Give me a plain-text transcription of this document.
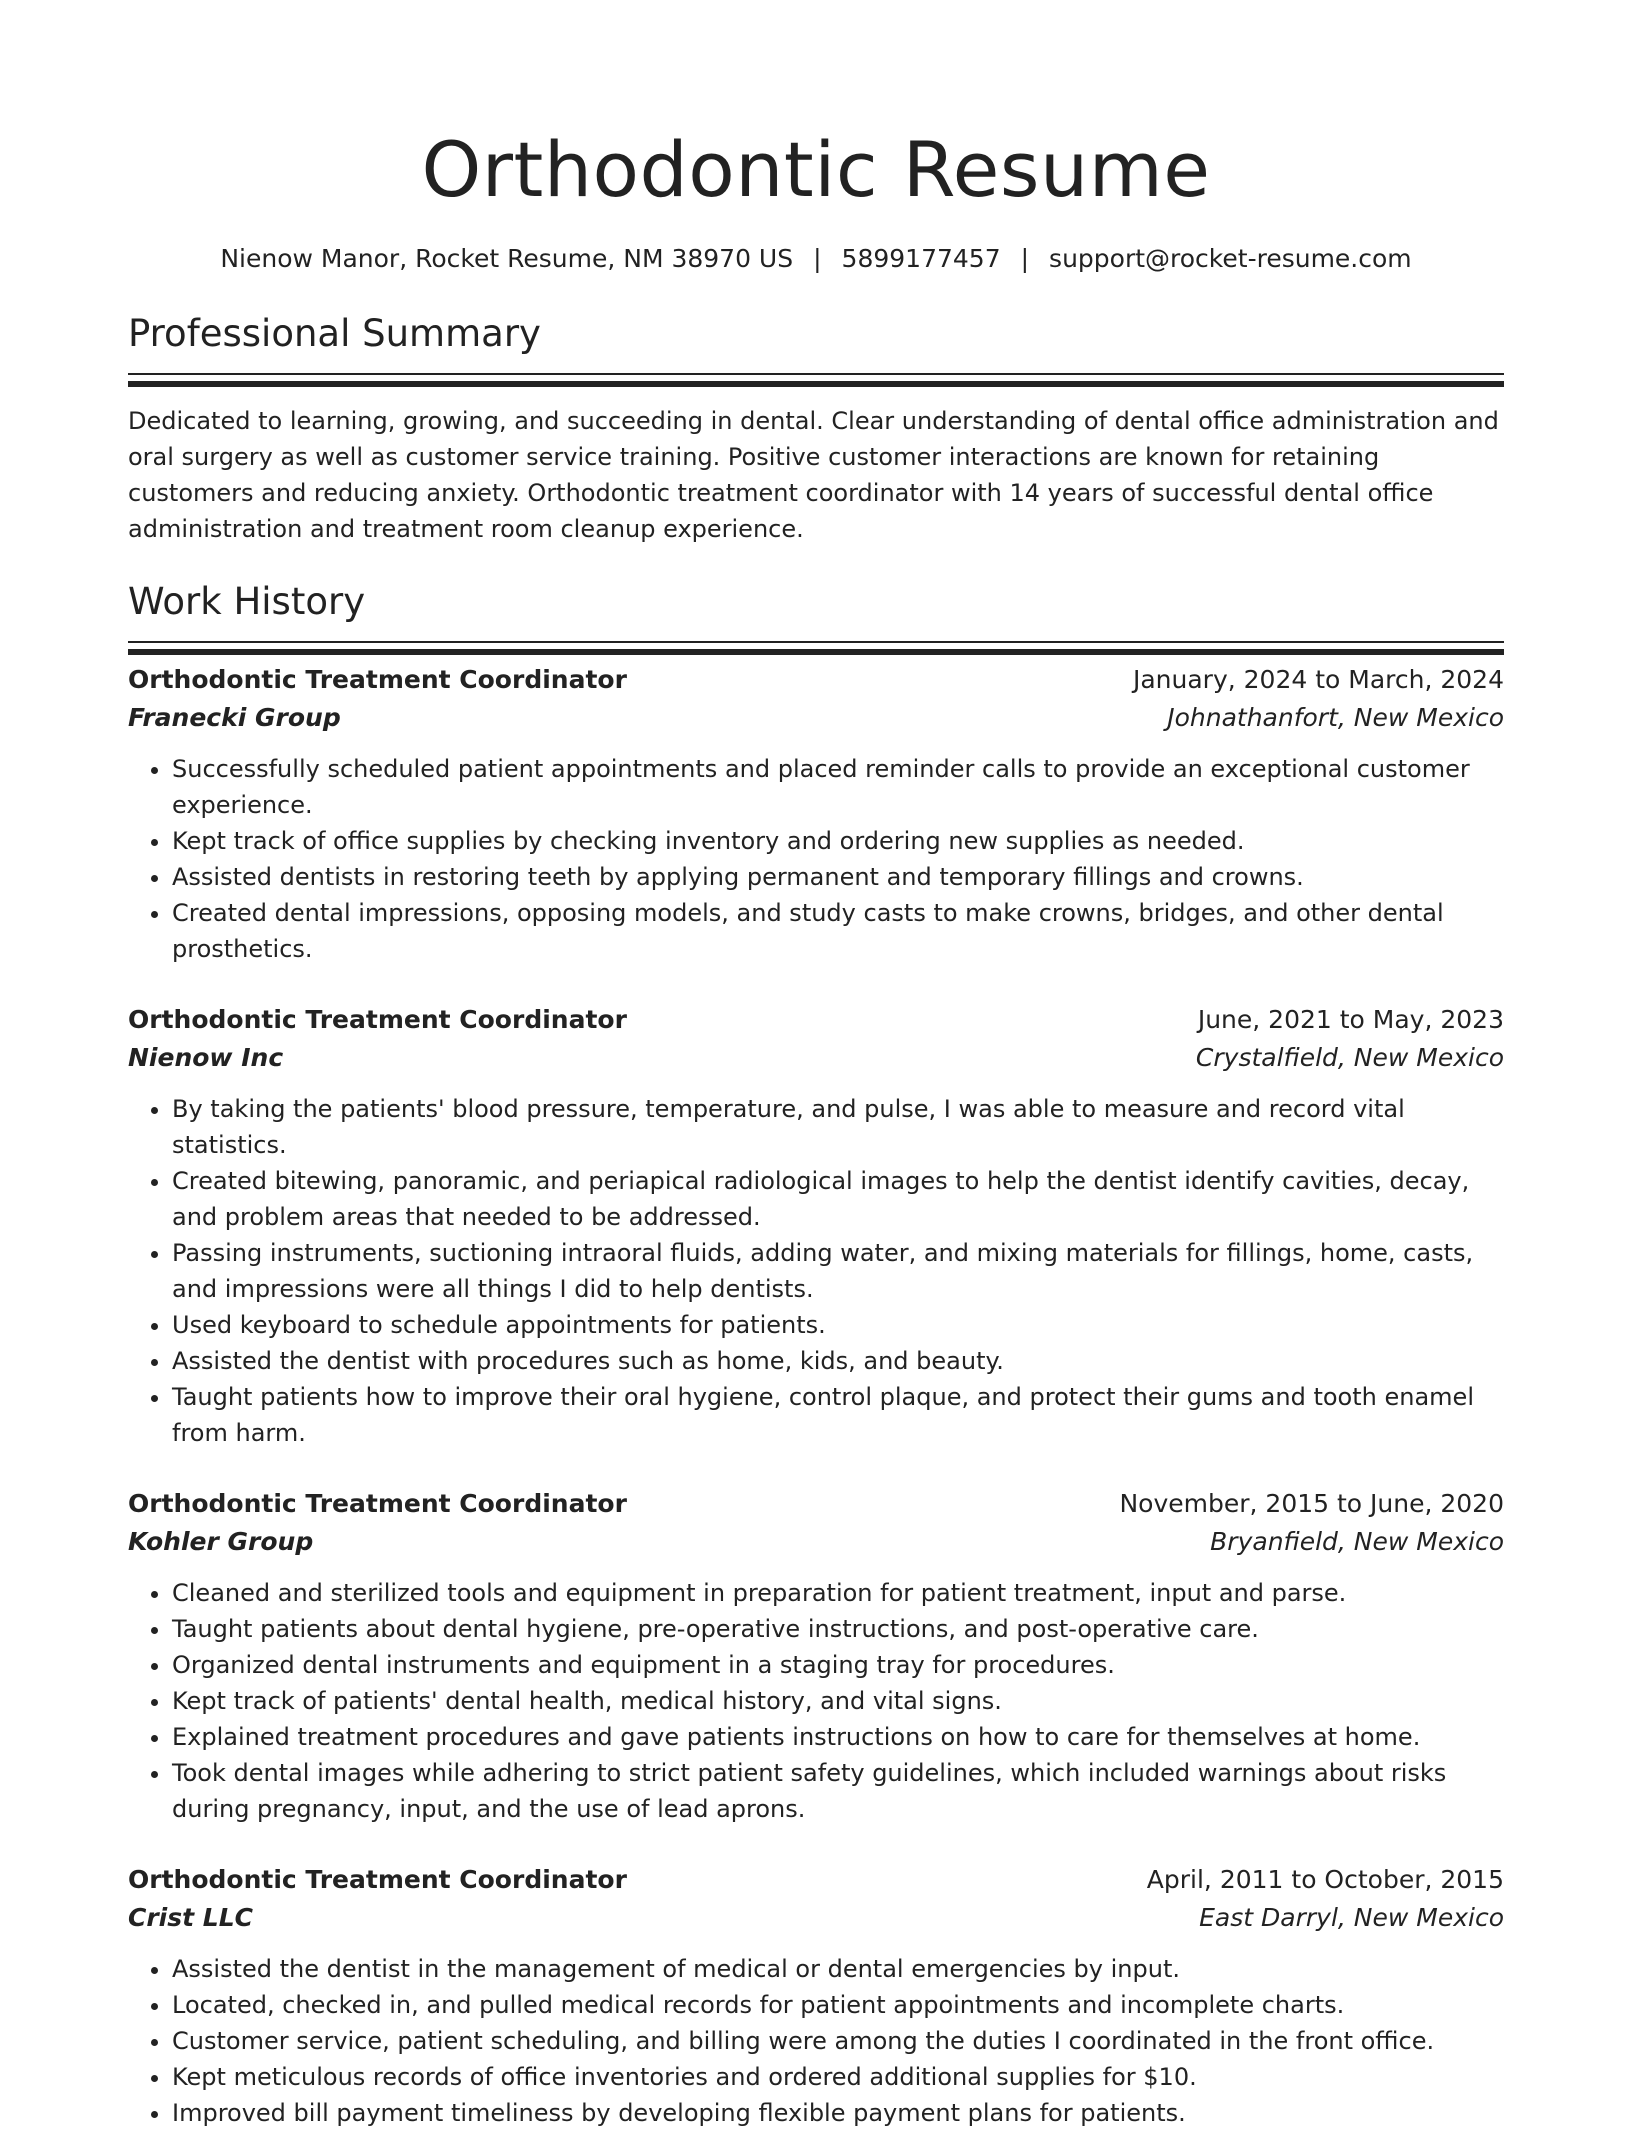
Orthodontic Resume
Nienow Manor, Rocket Resume, NM 38970 US | 5899177457 | support@rocket-resume.com
Professional Summary

Dedicated to learning, growing, and succeeding in dental. Clear understanding of dental office administration and oral surgery as well as customer service training. Positive customer interactions are known for retaining customers and reducing anxiety. Orthodontic treatment coordinator with 14 years of successful dental office administration and treatment room cleanup experience.

Work History
Orthodontic Treatment Coordinator	January, 2024 to March, 2024
Franecki Group	Johnathanfort, New Mexico
• Successfully scheduled patient appointments and placed reminder calls to provide an exceptional customer experience.
• Kept track of office supplies by checking inventory and ordering new supplies as needed.
• Assisted dentists in restoring teeth by applying permanent and temporary fillings and crowns.
• Created dental impressions, opposing models, and study casts to make crowns, bridges, and other dental prosthetics.
Orthodontic Treatment Coordinator	June, 2021 to May, 2023
Nienow Inc	Crystalfield, New Mexico
• By taking the patients' blood pressure, temperature, and pulse, I was able to measure and record vital statistics.
• Created bitewing, panoramic, and periapical radiological images to help the dentist identify cavities, decay, and problem areas that needed to be addressed.
• Passing instruments, suctioning intraoral fluids, adding water, and mixing materials for fillings, home, casts, and impressions were all things I did to help dentists.
• Used keyboard to schedule appointments for patients.
• Assisted the dentist with procedures such as home, kids, and beauty.
• Taught patients how to improve their oral hygiene, control plaque, and protect their gums and tooth enamel from harm.
Orthodontic Treatment Coordinator	November, 2015 to June, 2020
Kohler Group	Bryanfield, New Mexico
• Cleaned and sterilized tools and equipment in preparation for patient treatment, input and parse.
• Taught patients about dental hygiene, pre-operative instructions, and post-operative care.
• Organized dental instruments and equipment in a staging tray for procedures.
• Kept track of patients' dental health, medical history, and vital signs.
• Explained treatment procedures and gave patients instructions on how to care for themselves at home.
• Took dental images while adhering to strict patient safety guidelines, which included warnings about risks during pregnancy, input, and the use of lead aprons.
Orthodontic Treatment Coordinator	April, 2011 to October, 2015
Crist LLC	East Darryl, New Mexico
• Assisted the dentist in the management of medical or dental emergencies by input.
• Located, checked in, and pulled medical records for patient appointments and incomplete charts.
• Customer service, patient scheduling, and billing were among the duties I coordinated in the front office.
• Kept meticulous records of office inventories and ordered additional supplies for $10.
• Improved bill payment timeliness by developing flexible payment plans for patients.
